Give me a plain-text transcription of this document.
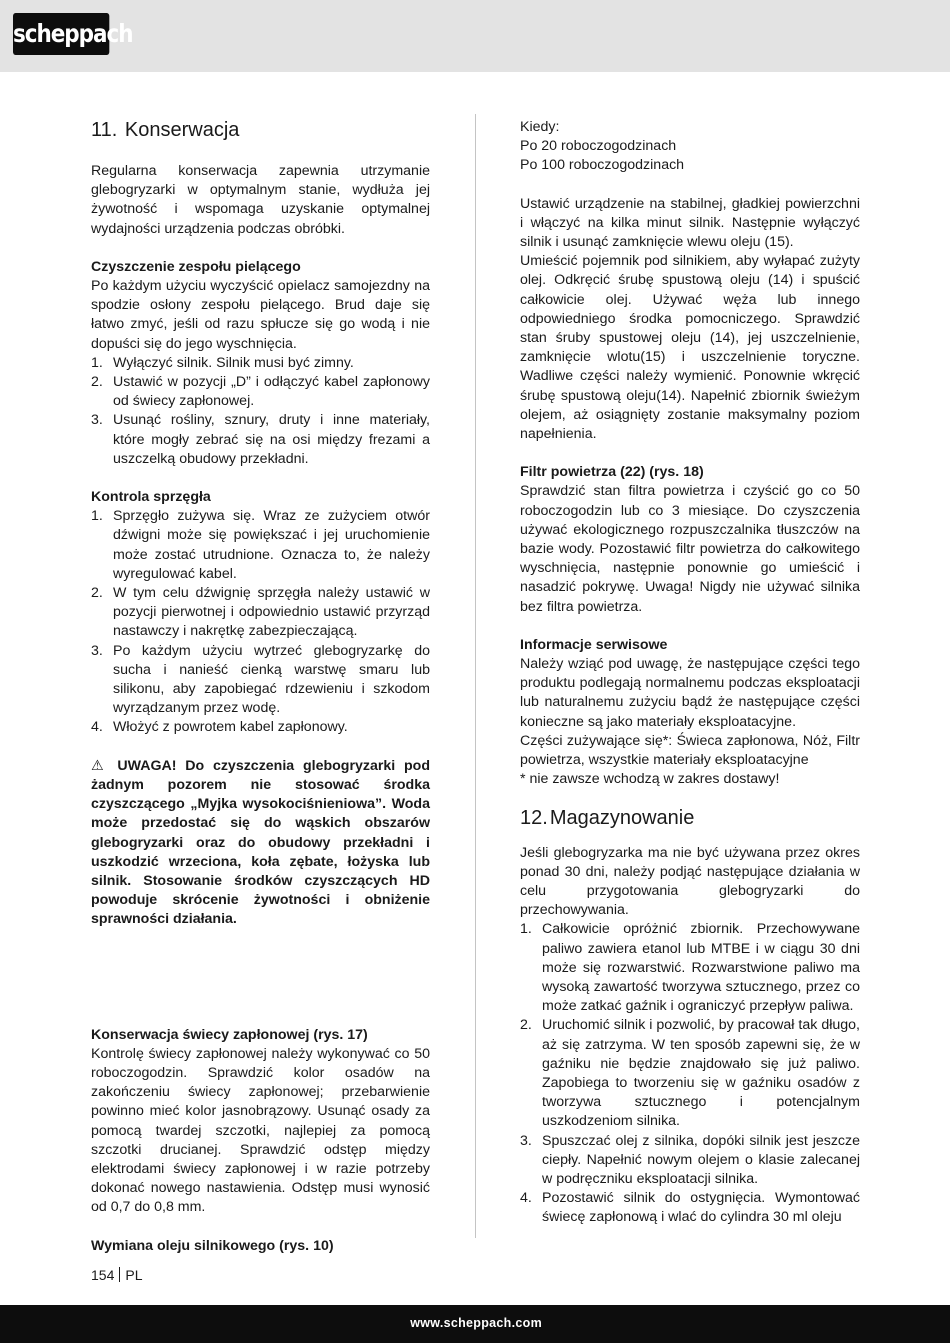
scheppach
11. Konserwacja

Regularna konserwacja zapewnia utrzymanie glebogryzarki w optymalnym stanie, wydłuża jej żywotność i wspomaga uzyskanie optymalnej wydajności urządzenia podczas obróbki.

Czyszczenie zespołu pielącego

Po każdym użyciu wyczyścić opielacz samojezdny na spodzie osłony zespołu pielącego. Brud daje się łatwo zmyć, jeśli od razu spłucze się go wodą i nie dopuści się do jego wyschnięcia.

1. Wyłączyć silnik. Silnik musi być zimny.
2. Ustawić w pozycji „D” i odłączyć kabel zapłonowy od świecy zapłonowej.
3. Usunąć rośliny, sznury, druty i inne materiały, które mogły zebrać się na osi między frezami a uszczelką obudowy przekładni.
Kontrola sprzęgła
1. Sprzęgło zużywa się. Wraz ze zużyciem otwór dźwigni może się powiększać i jej uruchomienie może zostać utrudnione. Oznacza to, że należy wyregulować kabel.
2. W tym celu dźwignię sprzęgła należy ustawić w pozycji pierwotnej i odpowiednio ustawić przyrząd nastawczy i nakrętkę zabezpieczającą.
3. Po każdym użyciu wytrzeć glebogryzarkę do sucha i nanieść cienką warstwę smaru lub silikonu, aby zapobiegać rdzewieniu i szkodom wyrządzanym przez wodę.
4. Włożyć z powrotem kabel zapłonowy.

⚠ UWAGA! Do czyszczenia glebogryzarki pod żadnym pozorem nie stosować środka czyszczącego „Myjka wysokociśnieniowa”. Woda może przedostać się do wąskich obszarów glebogryzarki oraz do obudowy przekładni i uszkodzić wrzeciona, koła zębate, łożyska lub silnik. Stosowanie środków czyszczących HD powoduje skrócenie żywotności i obniżenie sprawności działania.

Konserwacja świecy zapłonowej (rys. 17)

Kontrolę świecy zapłonowej należy wykonywać co 50 roboczogodzin. Sprawdzić kolor osadów na zakończeniu świecy zapłonowej; przebarwienie powinno mieć kolor jasnobrązowy. Usunąć osady za pomocą twardej szczotki, najlepiej za pomocą szczotki drucianej. Sprawdzić odstęp między elektrodami świecy zapłonowej i w razie potrzeby dokonać nowego nastawienia. Odstęp musi wynosić od 0,7 do 0,8 mm.

Wymiana oleju silnikowego (rys. 10)
Kiedy:
Po 20 roboczogodzinach
Po 100 roboczogodzinach

Ustawić urządzenie na stabilnej, gładkiej powierzchni i włączyć na kilka minut silnik. Następnie wyłączyć silnik i usunąć zamknięcie wlewu oleju (15).

Umieścić pojemnik pod silnikiem, aby wyłapać zużyty olej. Odkręcić śrubę spustową oleju (14) i spuścić całkowicie olej. Używać węża lub innego odpowiedniego środka pomocniczego. Sprawdzić stan śruby spustowej oleju (14), jej uszczelnienie, zamknięcie wlotu(15) i uszczelnienie toryczne. Wadliwe części należy wymienić. Ponownie wkręcić śrubę spustową oleju(14). Napełnić zbiornik świeżym olejem, aż osiągnięty zostanie maksymalny poziom napełnienia.

Filtr powietrza (22) (rys. 18)

Sprawdzić stan filtra powietrza i czyścić go co 50 roboczogodzin lub co 3 miesiące. Do czyszczenia używać ekologicznego rozpuszczalnika tłuszczów na bazie wody. Pozostawić filtr powietrza do całkowitego wyschnięcia, następnie ponownie go umieścić i nasadzić pokrywę. Uwaga! Nigdy nie używać silnika bez filtra powietrza.

Informacje serwisowe

Należy wziąć pod uwagę, że następujące części tego produktu podlegają normalnemu podczas eksploatacji lub naturalnemu zużyciu bądź że następujące części konieczne są jako materiały eksploatacyjne.

Części zużywające się*: Świeca zapłonowa, Nóż, Filtr powietrza, wszystkie materiały eksploatacyjne

* nie zawsze wchodzą w zakres dostawy!
12. Magazynowanie

Jeśli glebogryzarka ma nie być używana przez okres ponad 30 dni, należy podjąć następujące działania w celu przygotowania glebogryzarki do przechowywania.

1. Całkowicie opróżnić zbiornik. Przechowywane paliwo zawiera etanol lub MTBE i w ciągu 30 dni może się rozwarstwić. Rozwarstwione paliwo ma wysoką zawartość tworzywa sztucznego, przez co może zatkać gaźnik i ograniczyć przepływ paliwa.
2. Uruchomić silnik i pozwolić, by pracował tak długo, aż się zatrzyma. W ten sposób zapewni się, że w gaźniku nie będzie znajdowało się już paliwo. Zapobiega to tworzeniu się w gaźniku osadów z tworzywa sztucznego i potencjalnym uszkodzeniom silnika.
3. Spuszczać olej z silnika, dopóki silnik jest jeszcze ciepły. Napełnić nowym olejem o klasie zalecanej w podręczniku eksploatacji silnika.
4. Pozostawić silnik do ostygnięcia. Wymontować świecę zapłonową i wlać do cylindra 30 ml oleju
154 PL
www.scheppach.com
